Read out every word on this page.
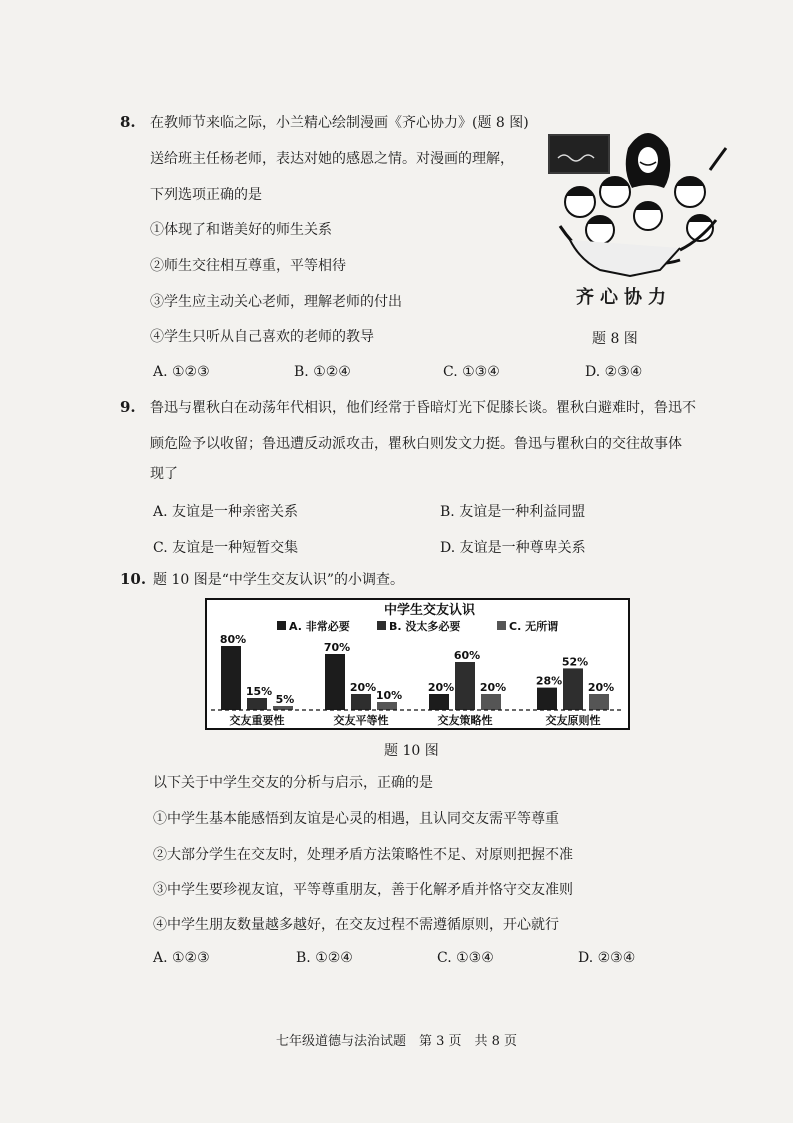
8. 在教师节来临之际，小兰精心绘制漫画《齐心协力》(题 8 图)
送给班主任杨老师，表达对她的感恩之情。对漫画的理解，
下列选项正确的是
①体现了和谐美好的师生关系
②师生交往相互尊重，平等相待
③学生应主动关心老师，理解老师的付出
④学生只听从自己喜欢的老师的教导
A. ①②③	B. ①②④	C. ①③④	D. ②③④
齐心协力
题 8 图
9. 鲁迅与瞿秋白在动荡年代相识，他们经常于昏暗灯光下促膝长谈。瞿秋白避难时，鲁迅不
顾危险予以收留；鲁迅遭反动派攻击，瞿秋白则发文力挺。鲁迅与瞿秋白的交往故事体
现了
A. 友谊是一种亲密关系	B. 友谊是一种利益同盟
C. 友谊是一种短暂交集	D. 友谊是一种尊卑关系
10. 题 10 图是“中学生交友认识”的小调查。
中学生交友认识
A. 非常必要	B. 没太多必要	C. 无所谓
80%
15%
5%
交友重要性
70%
20%
10%
交友平等性
20%
60%
20%
交友策略性
28%
52%
20%
交友原则性
题 10 图
以下关于中学生交友的分析与启示，正确的是
①中学生基本能感悟到友谊是心灵的相遇，且认同交友需平等尊重
②大部分学生在交友时，处理矛盾方法策略性不足、对原则把握不准
③中学生要珍视友谊，平等尊重朋友，善于化解矛盾并恪守交友准则
④中学生朋友数量越多越好，在交友过程不需遵循原则，开心就行
A. ①②③	B. ①②④	C. ①③④	D. ②③④
七年级道德与法治试题　第 3 页　共 8 页
